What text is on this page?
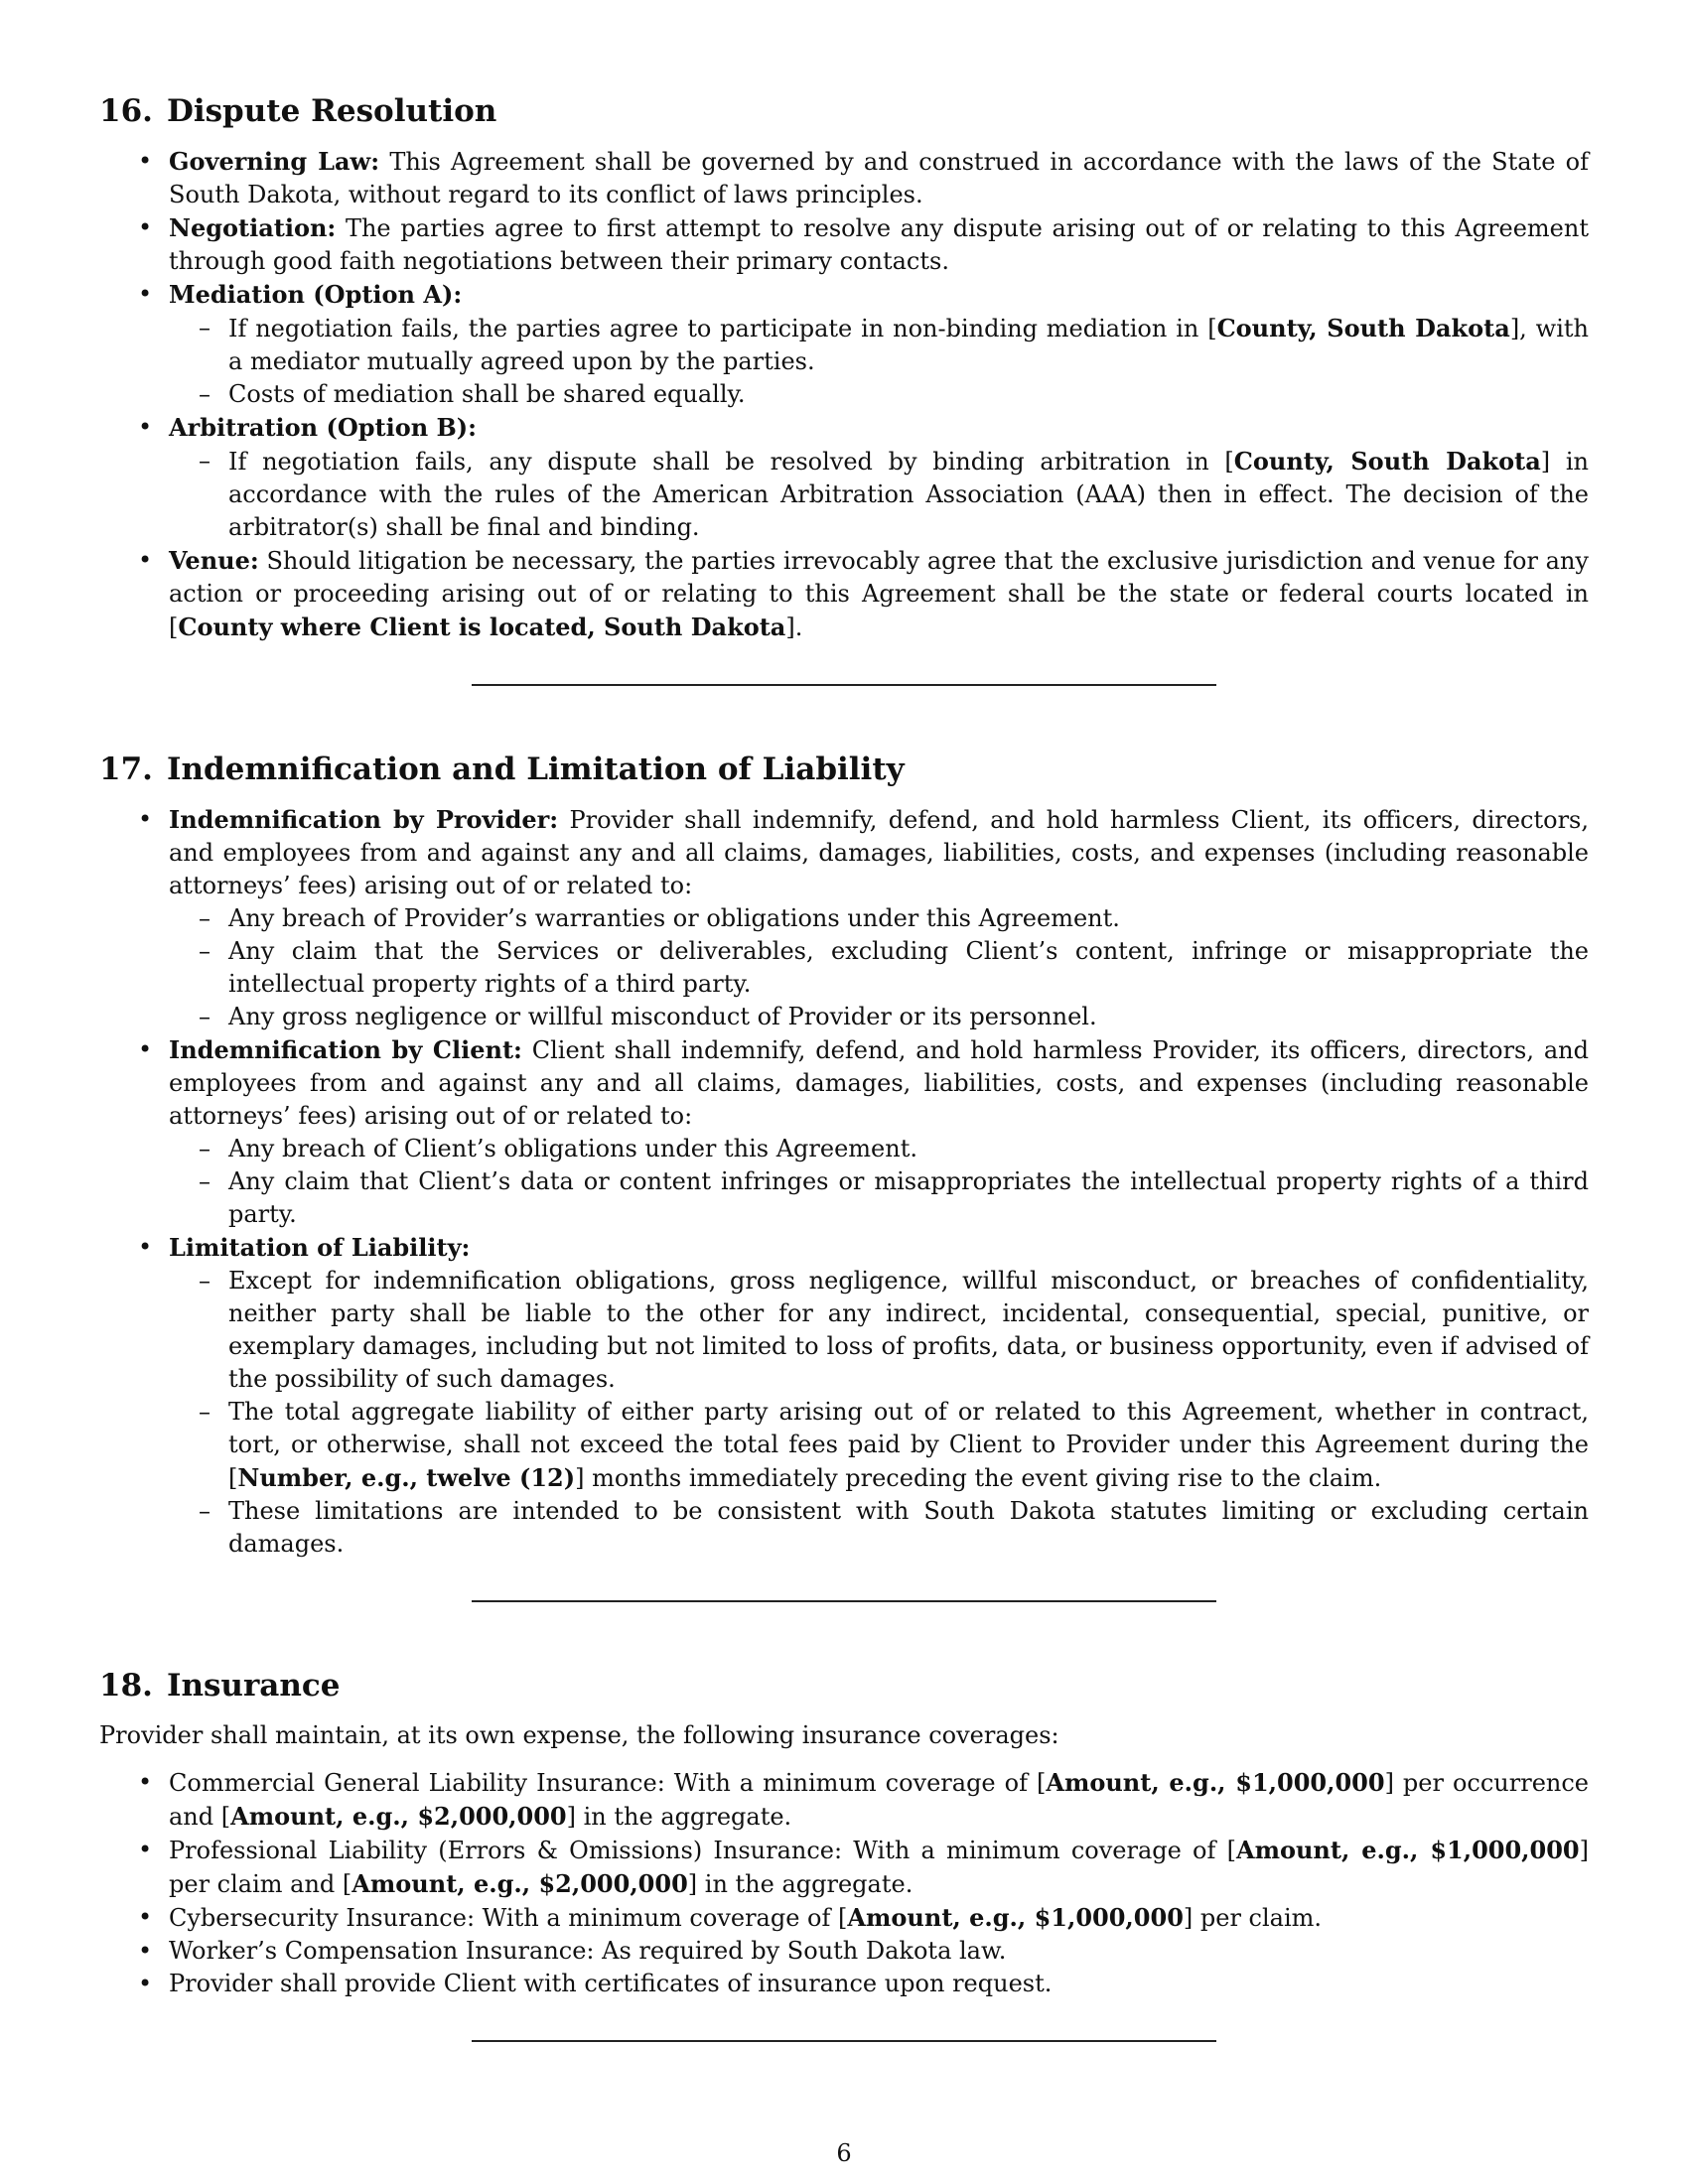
16. Dispute Resolution
• Governing Law: This Agreement shall be governed by and construed in accordance with the laws of the State of South Dakota, without regard to its conflict of laws principles.
• Negotiation: The parties agree to first attempt to resolve any dispute arising out of or relating to this Agreement through good faith negotiations between their primary contacts.
• Mediation (Option A):
– If negotiation fails, the parties agree to participate in non-binding mediation in [County, South Dakota], with a mediator mutually agreed upon by the parties.
– Costs of mediation shall be shared equally.
• Arbitration (Option B):
– If negotiation fails, any dispute shall be resolved by binding arbitration in [County, South Dakota] in accordance with the rules of the American Arbitration Association (AAA) then in effect. The decision of the arbitrator(s) shall be final and binding.
• Venue: Should litigation be necessary, the parties irrevocably agree that the exclusive jurisdiction and venue for any action or proceeding arising out of or relating to this Agreement shall be the state or federal courts located in [County where Client is located, South Dakota].
17. Indemnification and Limitation of Liability
• Indemnification by Provider: Provider shall indemnify, defend, and hold harmless Client, its officers, directors, and employees from and against any and all claims, damages, liabilities, costs, and expenses (including reasonable attorneys’ fees) arising out of or related to:
– Any breach of Provider’s warranties or obligations under this Agreement.
– Any claim that the Services or deliverables, excluding Client’s content, infringe or misappropriate the intellectual property rights of a third party.
– Any gross negligence or willful misconduct of Provider or its personnel.
• Indemnification by Client: Client shall indemnify, defend, and hold harmless Provider, its officers, directors, and employees from and against any and all claims, damages, liabilities, costs, and expenses (including reasonable attorneys’ fees) arising out of or related to:
– Any breach of Client’s obligations under this Agreement.
– Any claim that Client’s data or content infringes or misappropriates the intellectual property rights of a third party.
• Limitation of Liability:
– Except for indemnification obligations, gross negligence, willful misconduct, or breaches of confidentiality, neither party shall be liable to the other for any indirect, incidental, consequential, special, punitive, or exemplary damages, including but not limited to loss of profits, data, or business opportunity, even if advised of the possibility of such damages.
– The total aggregate liability of either party arising out of or related to this Agreement, whether in contract, tort, or otherwise, shall not exceed the total fees paid by Client to Provider under this Agreement during the [Number, e.g., twelve (12)] months immediately preceding the event giving rise to the claim.
– These limitations are intended to be consistent with South Dakota statutes limiting or excluding certain damages.
18. Insurance

Provider shall maintain, at its own expense, the following insurance coverages:

• Commercial General Liability Insurance: With a minimum coverage of [Amount, e.g., $1,000,000] per occurrence and [Amount, e.g., $2,000,000] in the aggregate.
• Professional Liability (Errors & Omissions) Insurance: With a minimum coverage of [Amount, e.g., $1,000,000] per claim and [Amount, e.g., $2,000,000] in the aggregate.
• Cybersecurity Insurance: With a minimum coverage of [Amount, e.g., $1,000,000] per claim.
• Worker’s Compensation Insurance: As required by South Dakota law.
• Provider shall provide Client with certificates of insurance upon request.
6
